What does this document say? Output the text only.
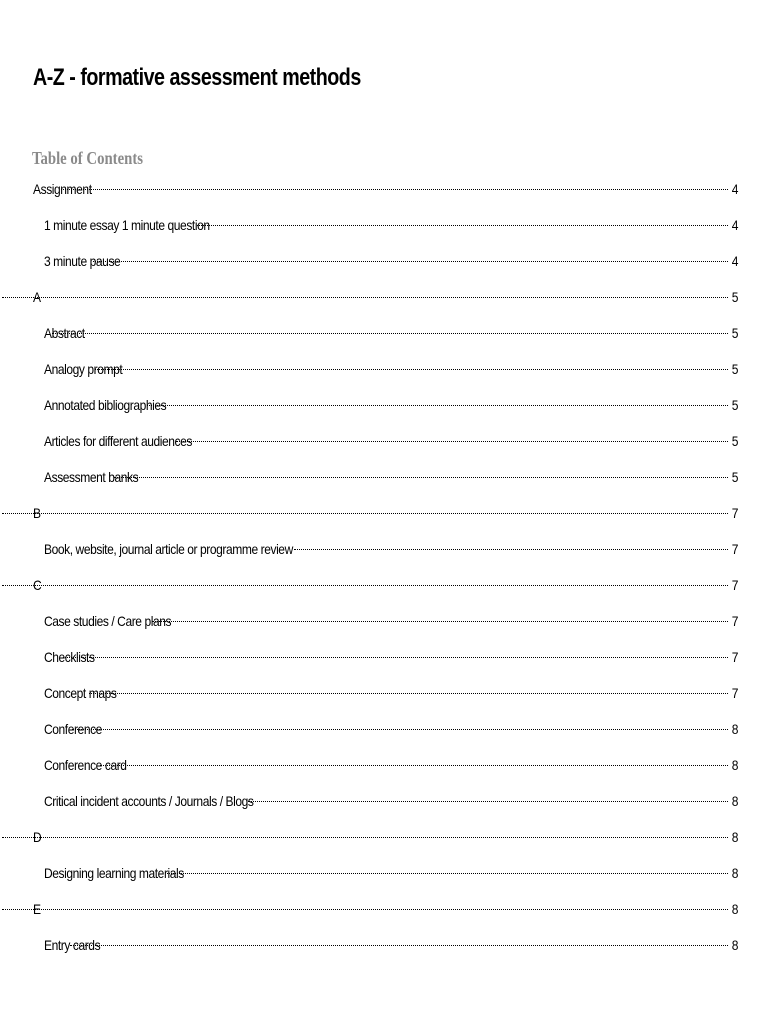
A-Z - formative assessment methods
Table of Contents
Assignment	4
1 minute essay 1 minute question	4
3 minute pause	4
A	5
Abstract	5
Analogy prompt	5
Annotated bibliographies	5
Articles for different audiences	5
Assessment banks	5
B	7
Book, website, journal article or programme review	7
C	7
Case studies / Care plans	7
Checklists	7
Concept maps	7
Conference	8
Conference card	8
Critical incident accounts / Journals / Blogs	8
D	8
Designing learning materials	8
E	8
Entry cards	8
